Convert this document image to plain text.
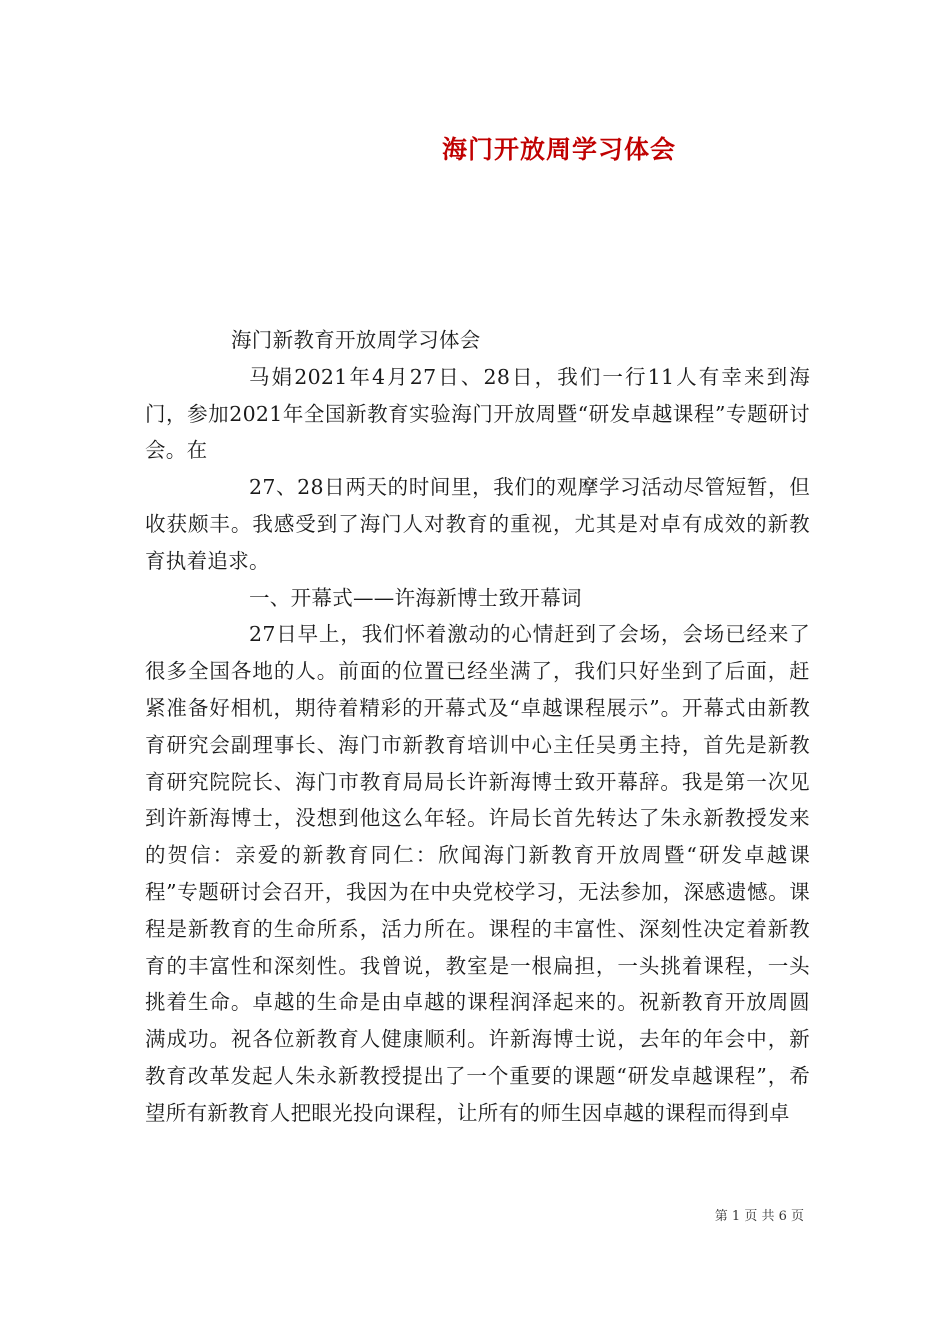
海门开放周学习体会

海门新教育开放周学习体会

马娟2021年4月27日、28日，我们一行11人有幸来到海门，参加2021年全国新教育实验海门开放周暨“研发卓越课程”专题研讨会。在

27、28日两天的时间里，我们的观摩学习活动尽管短暂，但收获颇丰。我感受到了海门人对教育的重视，尤其是对卓有成效的新教育执着追求。

一、开幕式——许海新博士致开幕词

27日早上，我们怀着激动的心情赶到了会场，会场已经来了很多全国各地的人。前面的位置已经坐满了，我们只好坐到了后面，赶紧准备好相机，期待着精彩的开幕式及“卓越课程展示”。开幕式由新教育研究会副理事长、海门市新教育培训中心主任吴勇主持，首先是新教育研究院院长、海门市教育局局长许新海博士致开幕辞。我是第一次见到许新海博士，没想到他这么年轻。许局长首先转达了朱永新教授发来的贺信：亲爱的新教育同仁：欣闻海门新教育开放周暨“研发卓越课程”专题研讨会召开，我因为在中央党校学习，无法参加，深感遗憾。课程是新教育的生命所系，活力所在。课程的丰富性、深刻性决定着新教育的丰富性和深刻性。我曾说，教室是一根扁担，一头挑着课程，一头挑着生命。卓越的生命是由卓越的课程润泽起来的。祝新教育开放周圆满成功。祝各位新教育人健康顺利。许新海博士说，去年的年会中，新教育改革发起人朱永新教授提出了一个重要的课题“研发卓越课程”，希望所有新教育人把眼光投向课程，让所有的师生因卓越的课程而得到卓

第 1 页 共 6 页
